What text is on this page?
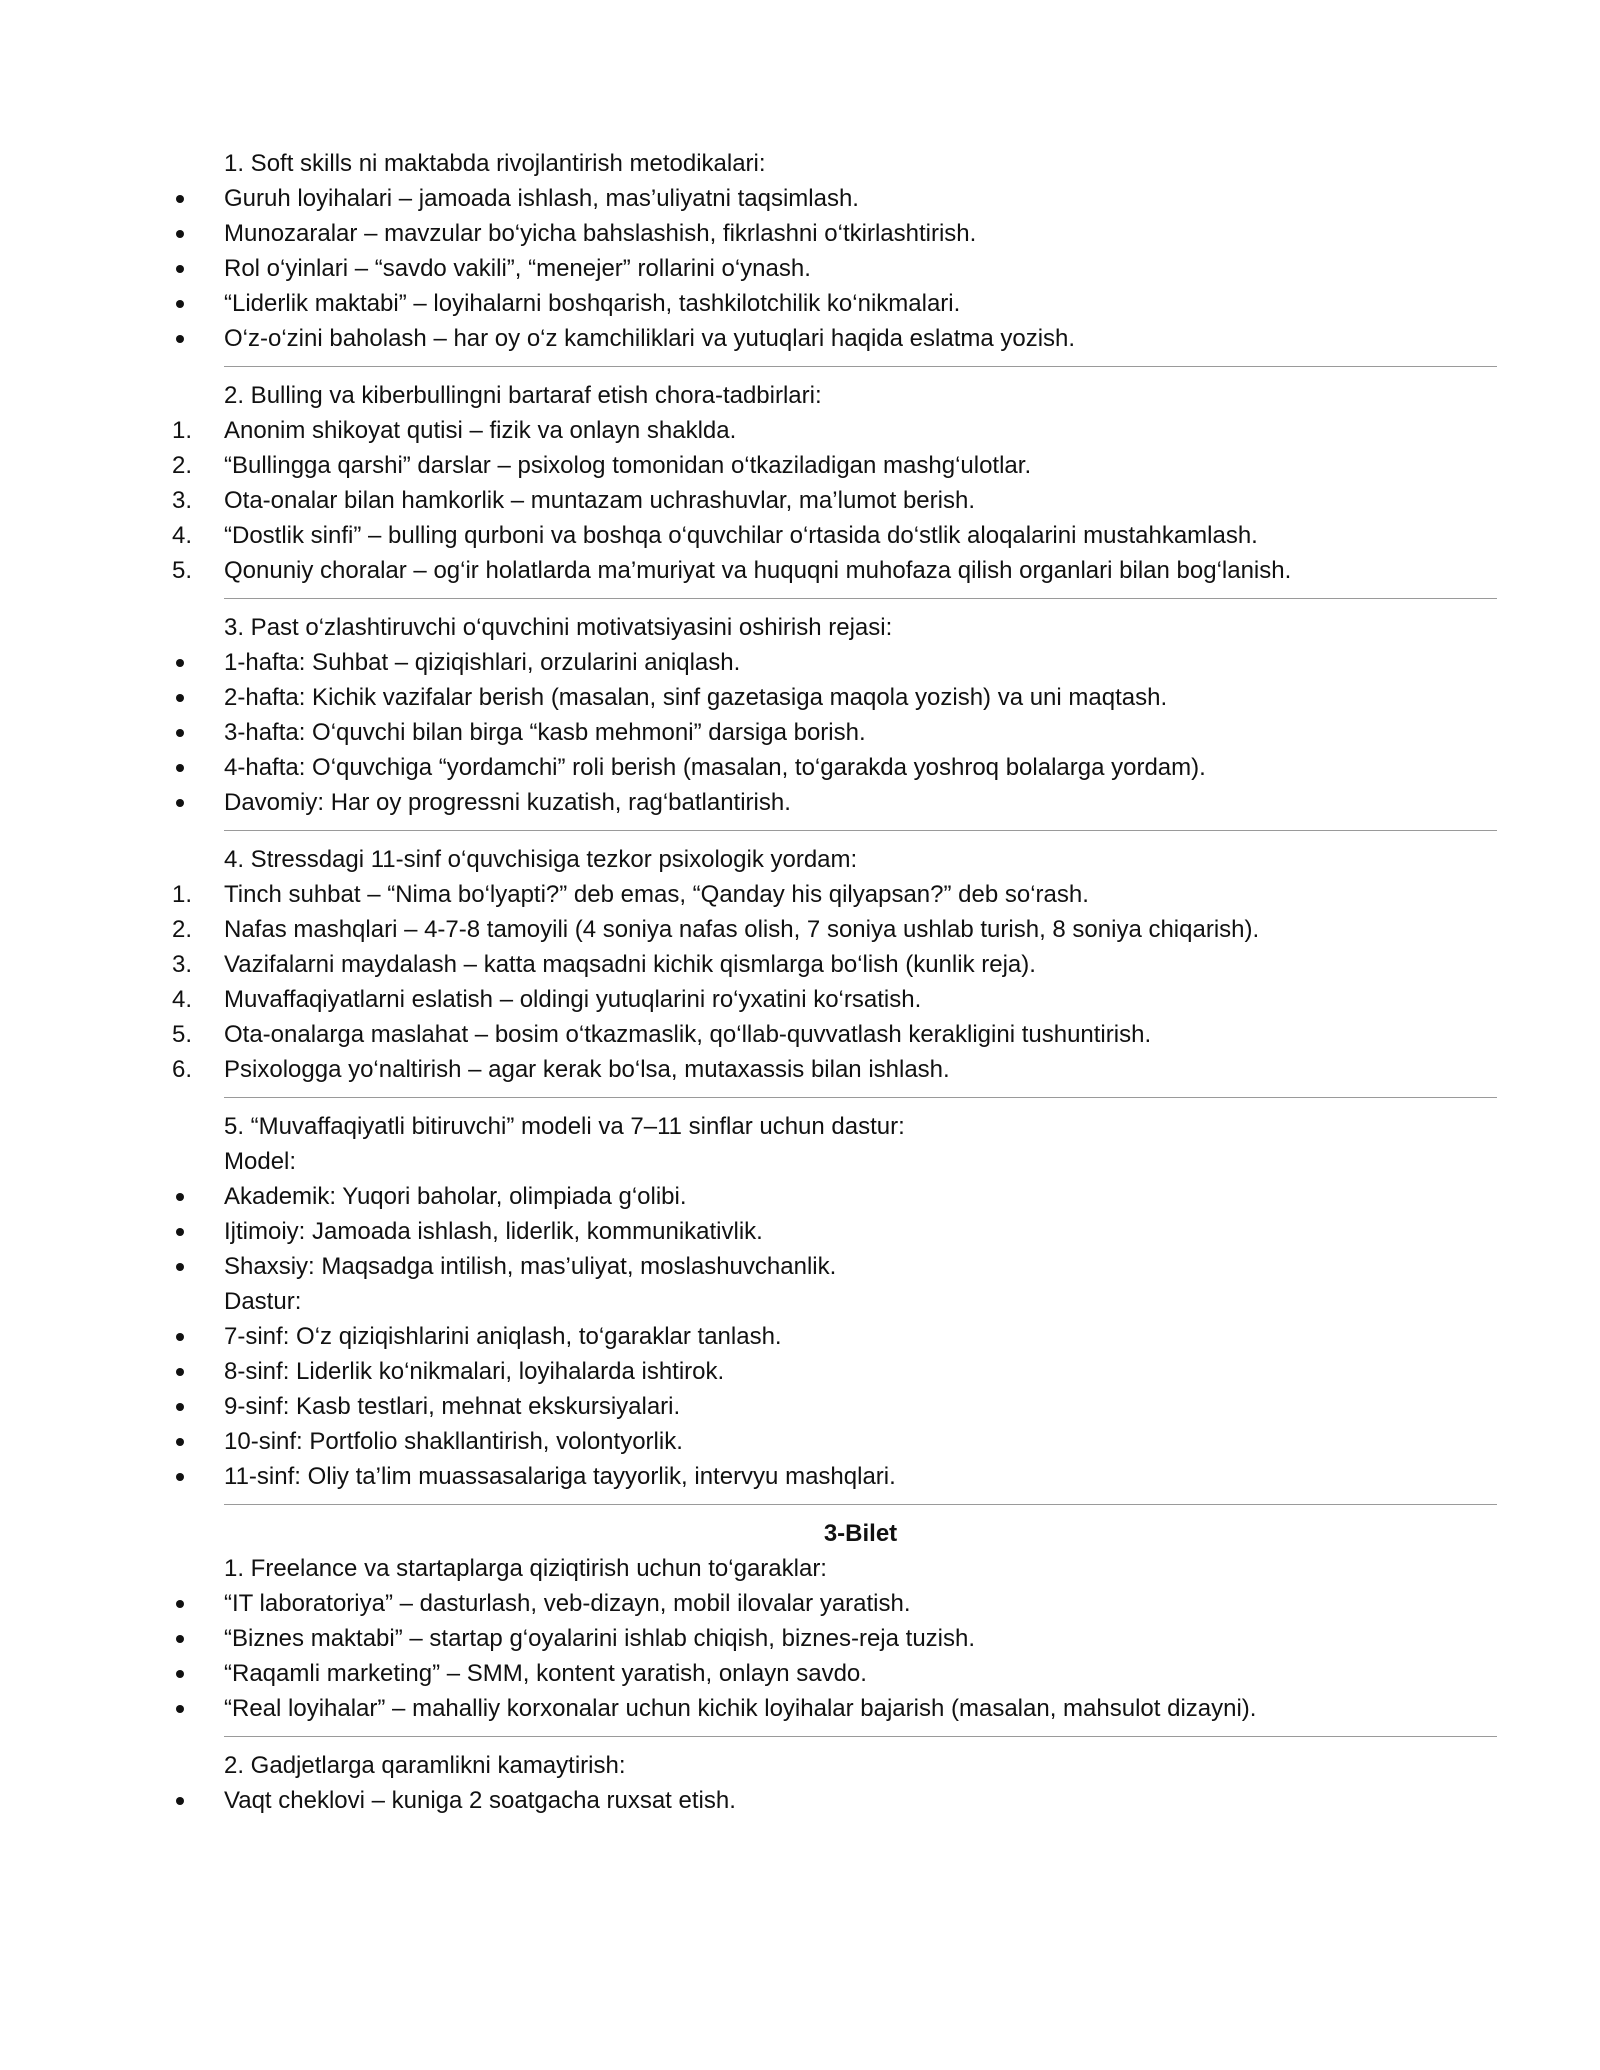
1. Soft skills ni maktabda rivojlantirish metodikalari:
Guruh loyihalari – jamoada ishlash, mas’uliyatni taqsimlash.
Munozaralar – mavzular bo‘yicha bahslashish, fikrlashni o‘tkirlashtirish.
Rol o‘yinlari – “savdo vakili”, “menejer” rollarini o‘ynash.
“Liderlik maktabi” – loyihalarni boshqarish, tashkilotchilik ko‘nikmalari.
O‘z-o‘zini baholash – har oy o‘z kamchiliklari va yutuqlari haqida eslatma yozish.
2. Bulling va kiberbullingni bartaraf etish chora-tadbirlari:
1.	Anonim shikoyat qutisi – fizik va onlayn shaklda.
2.	“Bullingga qarshi” darslar – psixolog tomonidan o‘tkaziladigan mashg‘ulotlar.
3.	Ota-onalar bilan hamkorlik – muntazam uchrashuvlar, ma’lumot berish.
4.	“Dostlik sinfi” – bulling qurboni va boshqa o‘quvchilar o‘rtasida do‘stlik aloqalarini mustahkamlash.
5.	Qonuniy choralar – og‘ir holatlarda ma’muriyat va huquqni muhofaza qilish organlari bilan bog‘lanish.
3. Past o‘zlashtiruvchi o‘quvchini motivatsiyasini oshirish rejasi:
1-hafta: Suhbat – qiziqishlari, orzularini aniqlash.
2-hafta: Kichik vazifalar berish (masalan, sinf gazetasiga maqola yozish) va uni maqtash.
3-hafta: O‘quvchi bilan birga “kasb mehmoni” darsiga borish.
4-hafta: O‘quvchiga “yordamchi” roli berish (masalan, to‘garakda yoshroq bolalarga yordam).
Davomiy: Har oy progressni kuzatish, rag‘batlantirish.
4. Stressdagi 11-sinf o‘quvchisiga tezkor psixologik yordam:
1.	Tinch suhbat – “Nima bo‘lyapti?” deb emas, “Qanday his qilyapsan?” deb so‘rash.
2.	Nafas mashqlari – 4-7-8 tamoyili (4 soniya nafas olish, 7 soniya ushlab turish, 8 soniya chiqarish).
3.	Vazifalarni maydalash – katta maqsadni kichik qismlarga bo‘lish (kunlik reja).
4.	Muvaffaqiyatlarni eslatish – oldingi yutuqlarini ro‘yxatini ko‘rsatish.
5.	Ota-onalarga maslahat – bosim o‘tkazmaslik, qo‘llab-quvvatlash kerakligini tushuntirish.
6.	Psixologga yo‘naltirish – agar kerak bo‘lsa, mutaxassis bilan ishlash.
5. “Muvaffaqiyatli bitiruvchi” modeli va 7–11 sinflar uchun dastur:
Model:
Akademik: Yuqori baholar, olimpiada g‘olibi.
Ijtimoiy: Jamoada ishlash, liderlik, kommunikativlik.
Shaxsiy: Maqsadga intilish, mas’uliyat, moslashuvchanlik.
Dastur:
7-sinf: O‘z qiziqishlarini aniqlash, to‘garaklar tanlash.
8-sinf: Liderlik ko‘nikmalari, loyihalarda ishtirok.
9-sinf: Kasb testlari, mehnat ekskursiyalari.
10-sinf: Portfolio shakllantirish, volontyorlik.
11-sinf: Oliy ta’lim muassasalariga tayyorlik, intervyu mashqlari.
3-Bilet
1. Freelance va startaplarga qiziqtirish uchun to‘garaklar:
“IT laboratoriya” – dasturlash, veb-dizayn, mobil ilovalar yaratish.
“Biznes maktabi” – startap g‘oyalarini ishlab chiqish, biznes-reja tuzish.
“Raqamli marketing” – SMM, kontent yaratish, onlayn savdo.
“Real loyihalar” – mahalliy korxonalar uchun kichik loyihalar bajarish (masalan, mahsulot dizayni).
2. Gadjetlarga qaramlikni kamaytirish:
Vaqt cheklovi – kuniga 2 soatgacha ruxsat etish.
